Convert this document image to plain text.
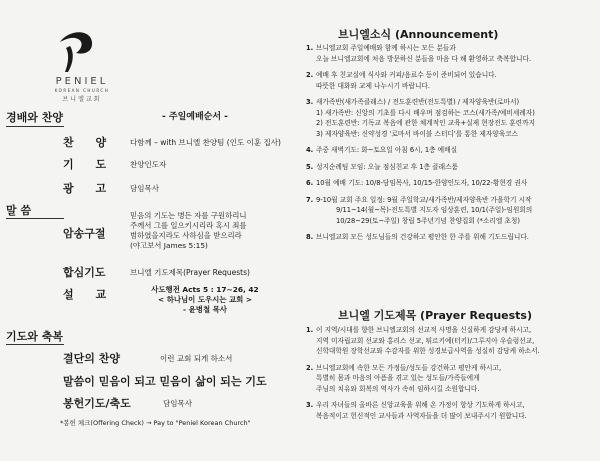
PENIEL
KOREAN CHURCH
브니엘교회
경배와 찬양	- 주일예배순서 -
찬 양 다함께 – with 브니엘 찬양팀 (인도 이훈 집사)
기 도 찬양인도자
광 고 담임목사
말 씀
암송구절
믿음의 기도는 병든 자를 구원하리니
주께서 그를 일으키시리라 혹시 죄를
범하였을지라도 사하심을 받으리라
(야고보서 James 5:15)
합심기도	브니엘 기도제목(Prayer Requests)
설 교	사도행전 Acts 5 : 17~26, 42
< 하나님이 도우시는 교회 >
- 윤병철 목사
기도와 축복
결단의 찬양	이런 교회 되게 하소서
말씀이 믿음이 되고 믿음이 삶이 되는 기도
봉헌기도/축도	담임목사
*봉헌 체크(Offering Check) → Pay to "Peniel Korean Church"
브니엘소식 (Announcement)
1. 브니엘교회 주일예배와 함께 하시는 모든 분들과
오늘 브니엘교회에 처음 방문하신 분들을 마음 다 해 환영하고 축복합니다.
2. 예배 후 친교실에 식사와 커피/음료수 등이 준비되어 있습니다.
따뜻한 대화와 교제 나누시기 바랍니다.
3. 새가족반(새가족클래스) / 전도훈련반(전도특별) / 제자양육반(로마서)
1) 새가족반: 신앙의 기초를 다시 배우며 점검하는 코스(새가족/예비세례자)
2) 전도훈련반: 기독교 복음에 관한 체계적인 교육+실제 현장전도 훈련까지
3) 제자양육반: 신약성경 '로마서 바이블 스터디'를 통한 제자양육코스
4. 주중 새벽기도: 화~토요일 아침 6시, 1층 예배실
5. 성지순례팀 모임: 오늘 점심친교 후 1층 클래스룸
6. 10월 예배 기도: 10/8-담임목사, 10/15-한양인도자, 10/22-황현경 권사
7. 9-10월 교회 주요 일정: 9월 주일학교/새가족반/제자양육반 가을학기 시작
9/11~14(월~목)-전도특별 지도자 임상훈련, 10/1(주일)-임원회의
10/28~29(토~주일) 창립 5주년기념 찬양집회 (*소리엘 초청)
8. 브니엘교회 모든 성도님들의 건강하고 평안한 한 주를 위해 기도드립니다.
브니엘 기도제목 (Prayer Requests)
1. 이 지역/시대를 향한 브니엘교회의 선교적 사명을 신실하게 감당케 하시고,
지역 미자립교회 선교와 홍리스 선교, 튀르키예(터키)/그루지아 우슬렁선교,
신학대학원 장학선교와 수감자를 위한 성경보급사역을 성실히 감당케 하소서.
2. 브니엘교회에 속한 모든 가정들/성도들 강건하고 평안케 하시고,
특별히 몸과 마음의 아픔을 겪고 있는 성도들/가족들에게
주님의 치유와 회복의 역사가 속히 임하시길 소원합니다.
3. 우리 자녀들의 올바른 신앙교육을 위해 온 가정이 항상 기도하게 하시고,
복음적이고 헌신적인 교사들과 사역자들을 더 많이 보내주시기 원합니다.
